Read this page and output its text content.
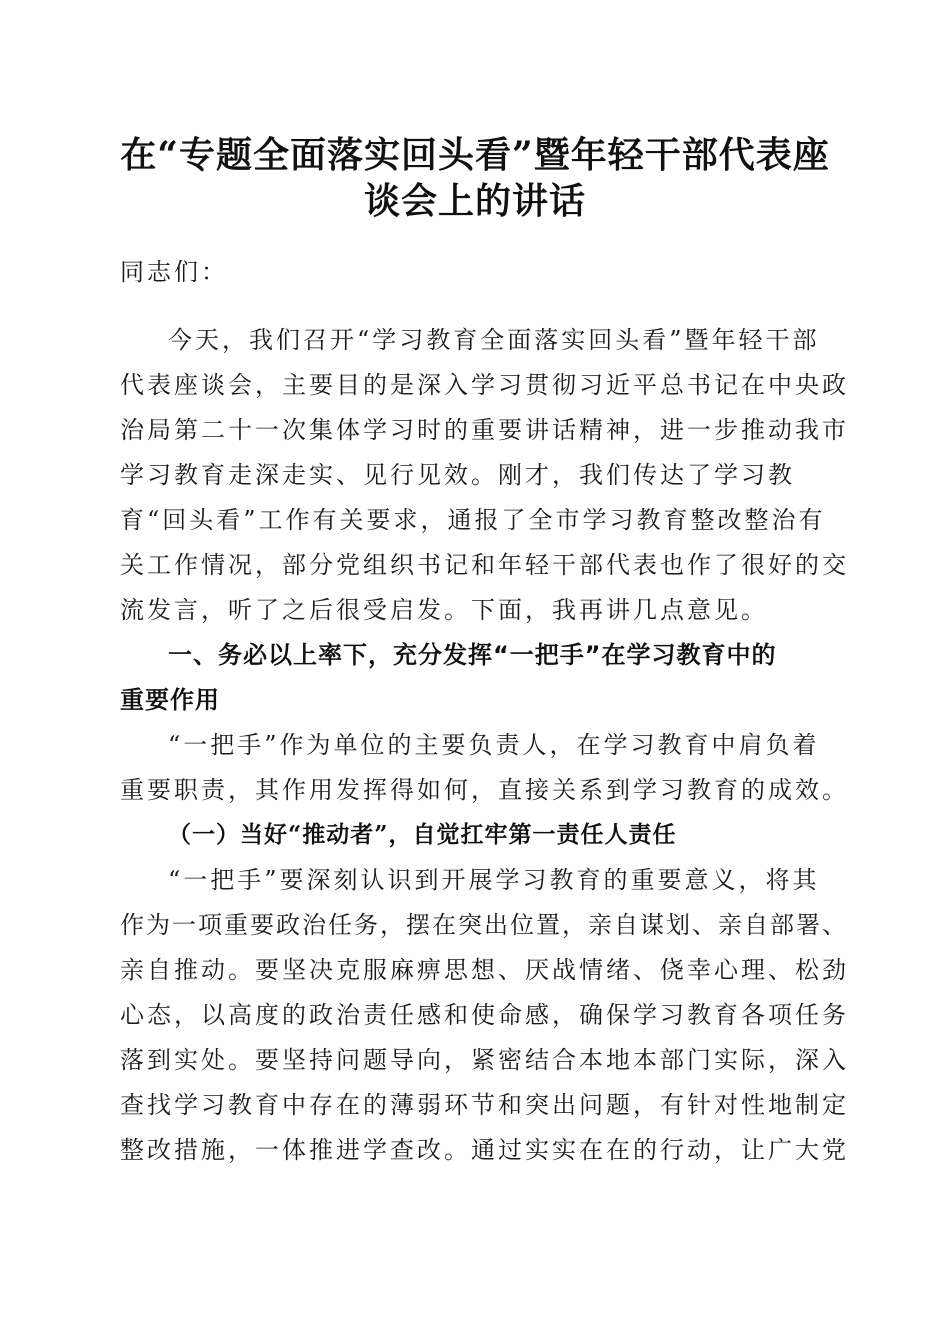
在“专题全面落实回头看”暨年轻干部代表座
谈会上的讲话
同志们：
今天，我们召开“学习教育全面落实回头看”暨年轻干部
代表座谈会，主要目的是深入学习贯彻习近平总书记在中央政
治局第二十一次集体学习时的重要讲话精神，进一步推动我市
学习教育走深走实、见行见效。刚才，我们传达了学习教
育“回头看”工作有关要求，通报了全市学习教育整改整治有
关工作情况，部分党组织书记和年轻干部代表也作了很好的交
流发言，听了之后很受启发。下面，我再讲几点意见。
一、务必以上率下，充分发挥“一把手”在学习教育中的
重要作用
“一把手”作为单位的主要负责人，在学习教育中肩负着
重要职责，其作用发挥得如何，直接关系到学习教育的成效。
（一）当好“推动者”，自觉扛牢第一责任人责任
“一把手”要深刻认识到开展学习教育的重要意义，将其
作为一项重要政治任务，摆在突出位置，亲自谋划、亲自部署、
亲自推动。要坚决克服麻痹思想、厌战情绪、侥幸心理、松劲
心态，以高度的政治责任感和使命感，确保学习教育各项任务
落到实处。要坚持问题导向，紧密结合本地本部门实际，深入
查找学习教育中存在的薄弱环节和突出问题，有针对性地制定
整改措施，一体推进学查改。通过实实在在的行动，让广大党
